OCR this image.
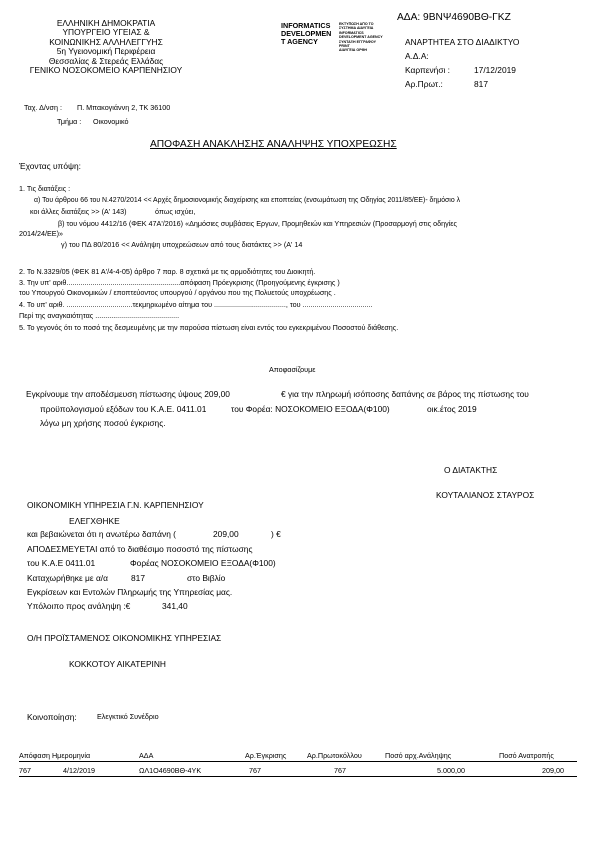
ΕΛΛΗΝΙΚΗ ΔΗΜΟΚΡΑΤΙΑ
ΥΠΟΥΡΓΕΙΟ ΥΓΕΙΑΣ &
ΚΟΙΝΩΝΙΚΗΣ ΑΛΛΗΛΕΓΓΥΗΣ
5η Υγειονομική Περιφέρεια
Θεσσαλίας & Στερεάς Ελλάδας
ΓΕΝΙΚΟ ΝΟΣΟΚΟΜΕΙΟ ΚΑΡΠΕΝΗΣΙΟΥ
INFORMATICS
DEVELOPMEN
T AGENCY
ΕΚΤΥΠΩΣΗ ΑΠΟ ΤΟ
ΣΥΣΤΗΜΑ ΔΙΑΥΓΕΙΑ
INFORMATICS
DEVELOPMENT AGENCY
ΣΥΝΤΑΞΗ ΕΓΓΡΑΦΟΥ
PRINT
ΔΙΑΥΓΕΙΑ ΟΡΘΗ
ΑΔΑ: 9ΒΝΨ4690ΒΘ-ΓΚΖ
ΑΝΑΡΤΗΤΕΑ ΣΤΟ ΔΙΑΔΙΚΤΥΟ
Α.Δ.Α:
Καρπενήσι :	17/12/2019
Αρ.Πρωτ.:	817
Ταχ. Δ/νση : Π. Μπακογιάννη 2, ΤΚ 36100
Τμήμα : Οικονομικό
ΑΠΟΦΑΣΗ ΑΝΑΚΛΗΣΗΣ ΑΝΑΛΗΨΗΣ ΥΠΟΧΡΕΩΣΗΣ
Έχοντας υπόψη:
1. Τις διατάξεις :
α) Του άρθρου 66 του Ν.4270/2014 << Αρχές δημοσιονομικής διαχείρισης και εποπτείας (ενσωμάτωση της Οδηγίας 2011/85/ΕΕ)- δημόσιο λ
κοι άλλες διατάξεις >> (Α' 143)	όπως ισχύει,
β) του νόμου 4412/16 (ΦΕΚ 47Α'/2016) «Δημόσιες συμβάσεις Εργων, Προμηθειών και Υπηρεσιών (Προσαρμογή στις οδηγίες
2014/24/ΕΕ)»
γ) του ΠΔ 80/2016 << Ανάληψη υποχρεώσεων από τους διατάκτες >> (Α' 14
2. Το Ν.3329/05 (ΦΕΚ 81 Α'/4-4-05) άρθρο 7 παρ. 8 σχετικά με τις αρμοδιότητες του Διοικητή.
3. Την υπ' αριθ.........................................................απόφαση Πρόεγκρισης (Προηγούμενης έγκρισης )
του Υπουργού Οικονομικών / εποπτεύοντος υπουργού / οργάνου που της Πολυετούς υποχρέωσης .
4. Το υπ' αριθ. .................................τεκμηριωμένο αίτημα του ...................................., του ...................................
Περί της αναγκαιότητας ..........................................
5. Το γεγονός ότι το ποσό της δεσμευμένης με την παρούσα πίστωση είναι εντός του εγκεκριμένου Ποσοστού διάθεσης.
Αποφασίζουμε
Εγκρίνουμε την αποδέσμευση πίστωσης ύψους 209,00	€ για την πληρωμή ισόποσης δαπάνης σε βάρος της πίστωσης του
προϋπολογισμού εξόδων του Κ.Α.Ε. 0411.01	του Φορέα: ΝΟΣΟΚΟΜΕΙΟ ΕΞΟΔΑ(Φ100)	οικ.έτος 2019
λόγω μη χρήσης ποσού έγκρισης.
Ο ΔΙΑΤΑΚΤΗΣ
ΚΟΥΤΑΛΙΑΝΟΣ ΣΤΑΥΡΟΣ
ΟΙΚΟΝΟΜΙΚΗ ΥΠΗΡΕΣΙΑ Γ.Ν. ΚΑΡΠΕΝΗΣΙΟΥ
ΕΛΕΓΧΘΗΚΕ
και βεβαιώνεται ότι η ανωτέρω δαπάνη (	209,00	) €
ΑΠΟΔΕΣΜΕΥΕΤΑΙ από το διαθέσιμο ποσοστό της πίστωσης
του Κ.Α.Ε 0411.01	Φορέας ΝΟΣΟΚΟΜΕΙΟ ΕΞΟΔΑ(Φ100)
Καταχωρήθηκε με α/α	817	στο Βιβλίο
Εγκρίσεων και Εντολών Πληρωμής της Υπηρεσίας μας.
Υπόλοιπο προς ανάληψη :€	341,40
Ο/Η ΠΡΟΪΣΤΑΜΕΝΟΣ ΟΙΚΟΝΟΜΙΚΗΣ ΥΠΗΡΕΣΙΑΣ
ΚΟΚΚΟΤΟΥ ΑΙΚΑΤΕΡΙΝΗ
Κοινοποίηση:	Ελεγκτικό Συνέδριο
Απόφαση Ημερομηνία	ΑΔΑ	Αρ.Έγκρισης	Αρ.Πρωτοκόλλου	Ποσό αρχ.Ανάληψης	Ποσό Ανατροπής
767	4/12/2019	ΩΛ1Ο4690ΒΘ-4ΥΚ	767	767	5.000,00	209,00
